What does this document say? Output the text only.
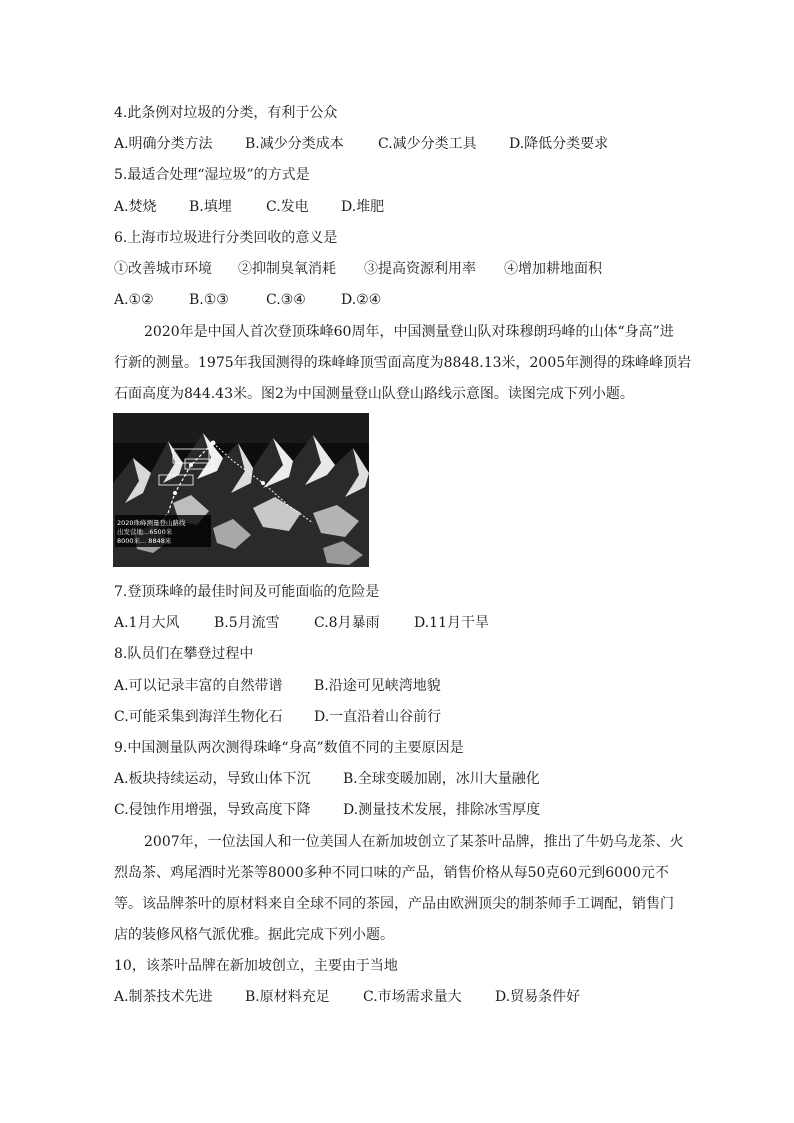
4.此条例对垃圾的分类，有利于公众
A.明确分类方法 B.减少分类成本 C.减少分类工具 D.降低分类要求
5.最适合处理“湿垃圾”的方式是
A.焚烧 B.填埋 C.发电 D.堆肥
6.上海市垃圾进行分类回收的意义是
①改善城市环境 ②抑制臭氧消耗 ③提高资源利用率 ④增加耕地面积
A.①②	B.①③	C.③④	D.②④
2020年是中国人首次登顶珠峰60周年，中国测量登山队对珠穆朗玛峰的山体“身高”进
行新的测量。1975年我国测得的珠峰峰顶雪面高度为8848.13米，2005年测得的珠峰峰顶岩
石面高度为844.43米。图2为中国测量登山队登山路线示意图。读图完成下列小题。
2020珠峰测量登山路线
出发营地...6500米
8000米... 8848米
7.登顶珠峰的最佳时间及可能面临的危险是
A.1月大风 B.5月流雪 C.8月暴雨 D.11月干旱
8.队员们在攀登过程中
A.可以记录丰富的自然带谱 B.沿途可见峡湾地貌
C.可能采集到海洋生物化石 D.一直沿着山谷前行
9.中国测量队两次测得珠峰“身高”数值不同的主要原因是
A.板块持续运动，导致山体下沉 B.全球变暖加剧，冰川大量融化
C.侵蚀作用增强，导致高度下降 D.测量技术发展，排除冰雪厚度
2007年，一位法国人和一位美国人在新加坡创立了某茶叶品牌，推出了牛奶乌龙茶、火
烈岛茶、鸡尾酒时光茶等8000多种不同口味的产品，销售价格从每50克60元到6000元不
等。该品牌茶叶的原材料来自全球不同的茶园，产品由欧洲顶尖的制茶师手工调配，销售门
店的装修风格气派优雅。据此完成下列小题。
10，该茶叶品牌在新加坡创立，主要由于当地
A.制茶技术先进 B.原材料充足 C.市场需求量大 D.贸易条件好
